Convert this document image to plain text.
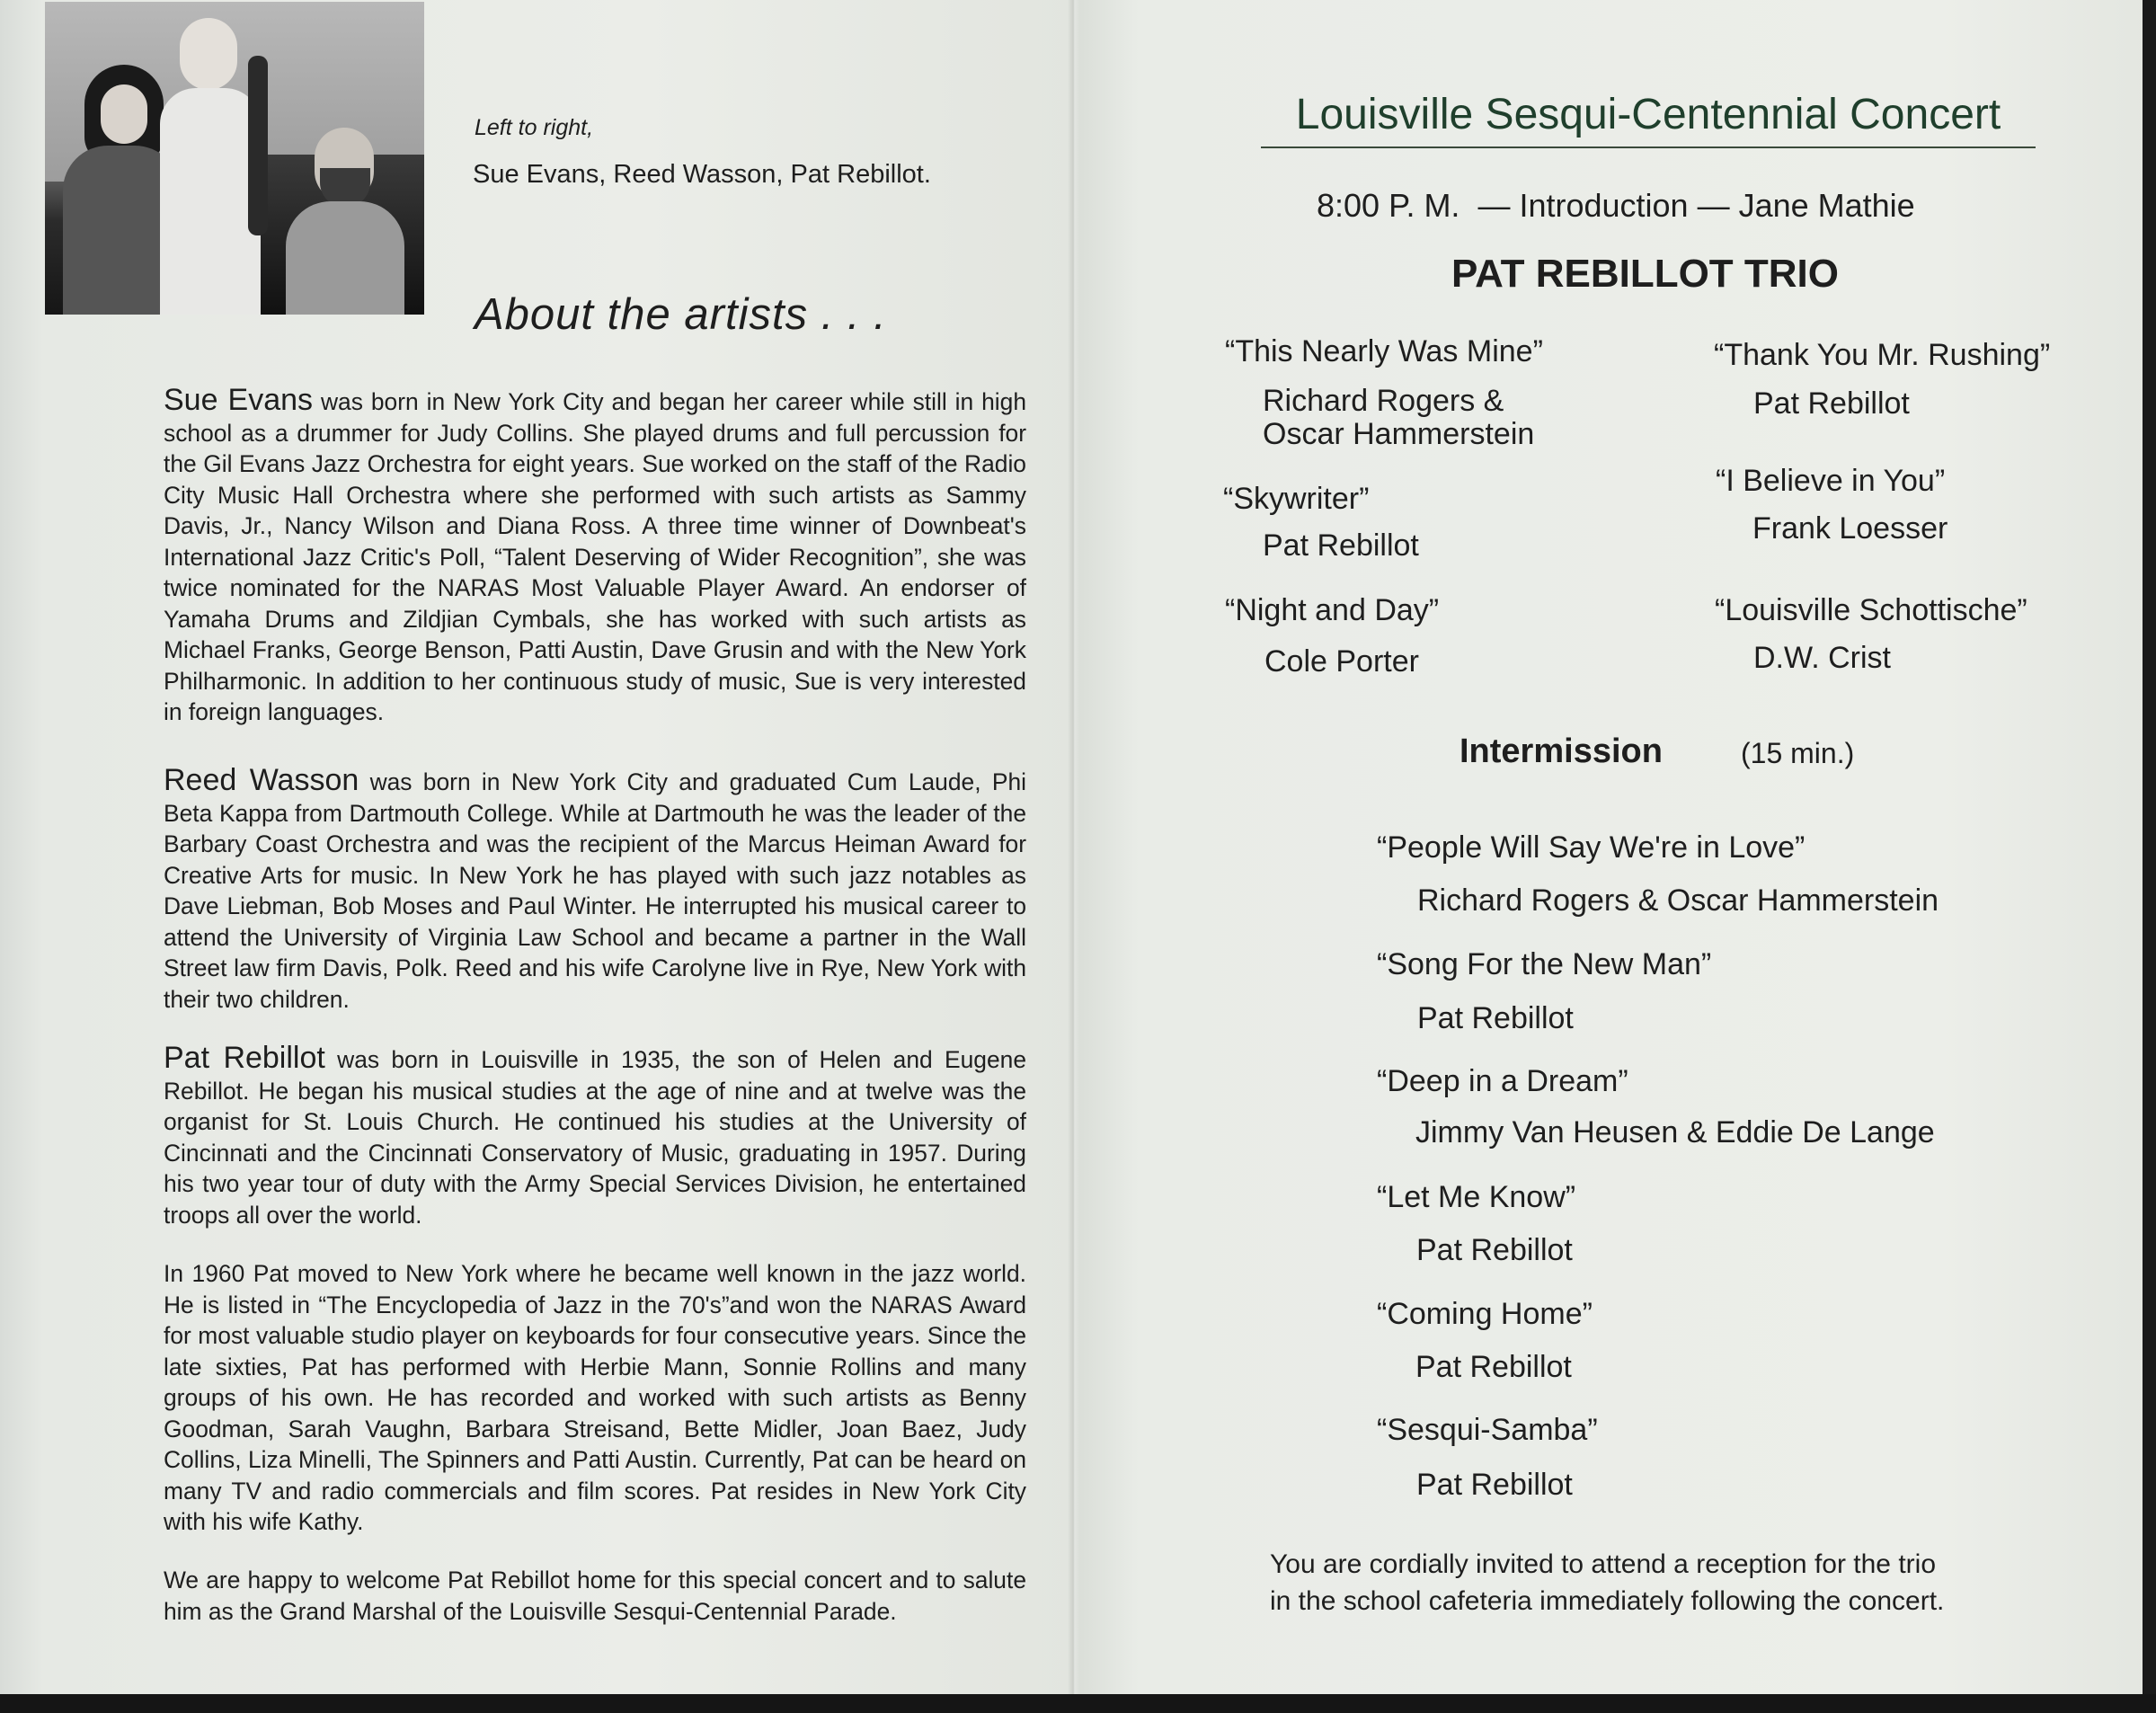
Left to right,
Sue Evans, Reed Wasson, Pat Rebillot.
About the artists . . .
Sue Evans was born in New York City and began her career while still in high school as a drummer for Judy Collins. She played drums and full percussion for the Gil Evans Jazz Orchestra for eight years. Sue worked on the staff of the Radio City Music Hall Orchestra where she performed with such artists as Sammy Davis, Jr., Nancy Wilson and Diana Ross. A three time winner of Downbeat's International Jazz Critic's Poll, “Talent Deserving of Wider Recognition”, she was twice nominated for the NARAS Most Valuable Player Award. An endorser of Yamaha Drums and Zildjian Cymbals, she has worked with such artists as Michael Franks, George Benson, Patti Austin, Dave Grusin and with the New York Philharmonic. In addition to her continuous study of music, Sue is very interested in foreign languages.
Reed Wasson was born in New York City and graduated Cum Laude, Phi Beta Kappa from Dartmouth College. While at Dartmouth he was the leader of the Barbary Coast Orchestra and was the recipient of the Marcus Heiman Award for Creative Arts for music. In New York he has played with such jazz notables as Dave Liebman, Bob Moses and Paul Winter. He interrupted his musical career to attend the University of Virginia Law School and became a partner in the Wall Street law firm Davis, Polk. Reed and his wife Carolyne live in Rye, New York with their two children.
Pat Rebillot was born in Louisville in 1935, the son of Helen and Eugene Rebillot. He began his musical studies at the age of nine and at twelve was the organist for St. Louis Church. He continued his studies at the University of Cincinnati and the Cincinnati Conservatory of Music, graduating in 1957. During his two year tour of duty with the Army Special Services Division, he entertained troops all over the world.
In 1960 Pat moved to New York where he became well known in the jazz world. He is listed in “The Encyclopedia of Jazz in the 70's”and won the NARAS Award for most valuable studio player on keyboards for four consecutive years. Since the late sixties, Pat has performed with Herbie Mann, Sonnie Rollins and many groups of his own. He has recorded and worked with such artists as Benny Goodman, Sarah Vaughn, Barbara Streisand, Bette Midler, Joan Baez, Judy Collins, Liza Minelli, The Spinners and Patti Austin. Currently, Pat can be heard on many TV and radio commercials and film scores. Pat resides in New York City with his wife Kathy.
We are happy to welcome Pat Rebillot home for this special concert and to salute him as the Grand Marshal of the Louisville Sesqui-Centennial Parade.
Louisville Sesqui-Centennial Concert
8:00 P. M.  — Introduction — Jane Mathie
PAT REBILLOT TRIO
“This Nearly Was Mine”
Richard Rogers &
Oscar Hammerstein
“Skywriter”
Pat Rebillot
“Night and Day”
Cole Porter
“Thank You Mr. Rushing”
Pat Rebillot
“I Believe in You”
Frank Loesser
“Louisville Schottische”
D.W. Crist
Intermission	(15 min.)
“People Will Say We're in Love”
Richard Rogers & Oscar Hammerstein
“Song For the New Man”
Pat Rebillot
“Deep in a Dream”
Jimmy Van Heusen & Eddie De Lange
“Let Me Know”
Pat Rebillot
“Coming Home”
Pat Rebillot
“Sesqui-Samba”
Pat Rebillot
You are cordially invited to attend a reception for the trio
in the school cafeteria immediately following the concert.
